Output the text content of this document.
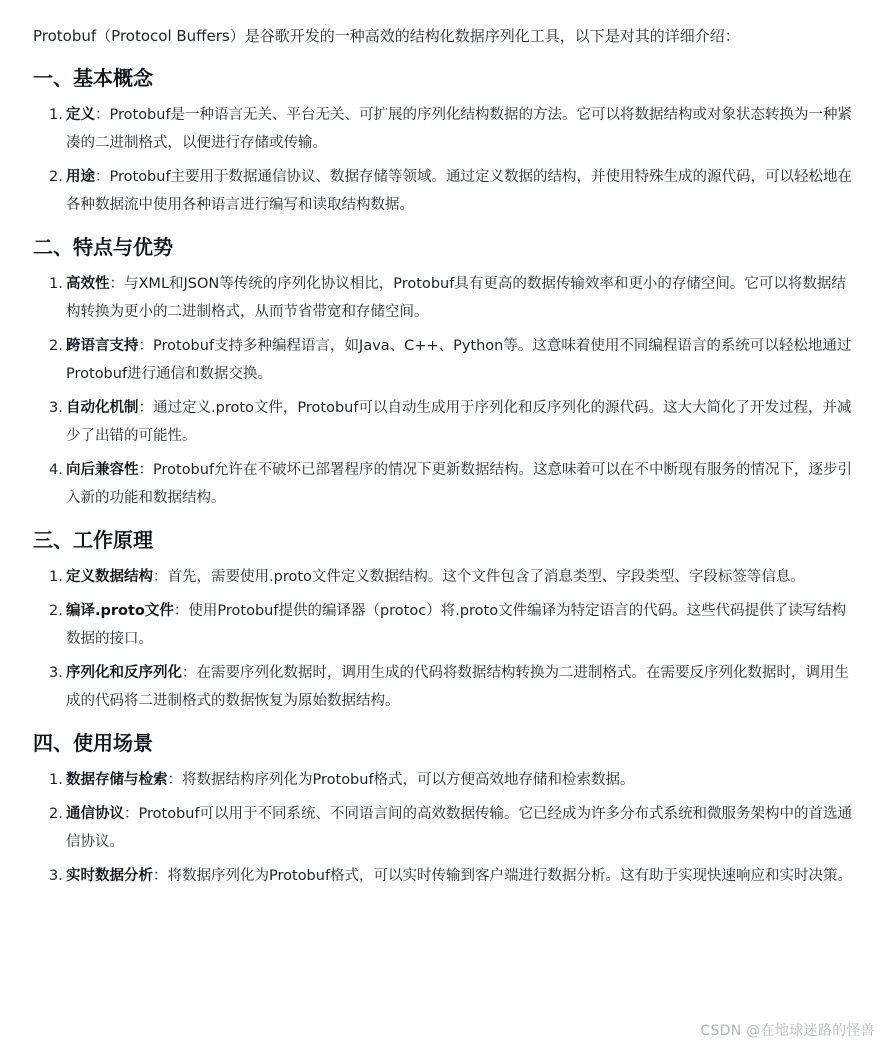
Protobuf（Protocol Buffers）是谷歌开发的一种高效的结构化数据序列化工具，以下是对其的详细介绍：

一、基本概念
1. 定义：Protobuf是一种语言无关、平台无关、可扩展的序列化结构数据的方法。它可以将数据结构或对象状态转换为一种紧凑的二进制格式，以便进行存储或传输。
2. 用途：Protobuf主要用于数据通信协议、数据存储等领域。通过定义数据的结构，并使用特殊生成的源代码，可以轻松地在各种数据流中使用各种语言进行编写和读取结构数据。
二、特点与优势
1. 高效性：与XML和JSON等传统的序列化协议相比，Protobuf具有更高的数据传输效率和更小的存储空间。它可以将数据结构转换为更小的二进制格式，从而节省带宽和存储空间。
2. 跨语言支持：Protobuf支持多种编程语言，如Java、C++、Python等。这意味着使用不同编程语言的系统可以轻松地通过Protobuf进行通信和数据交换。
3. 自动化机制：通过定义.proto文件，Protobuf可以自动生成用于序列化和反序列化的源代码。这大大简化了开发过程，并减少了出错的可能性。
4. 向后兼容性：Protobuf允许在不破坏已部署程序的情况下更新数据结构。这意味着可以在不中断现有服务的情况下，逐步引入新的功能和数据结构。
三、工作原理
1. 定义数据结构：首先，需要使用.proto文件定义数据结构。这个文件包含了消息类型、字段类型、字段标签等信息。
2. 编译.proto文件：使用Protobuf提供的编译器（protoc）将.proto文件编译为特定语言的代码。这些代码提供了读写结构数据的接口。
3. 序列化和反序列化：在需要序列化数据时，调用生成的代码将数据结构转换为二进制格式。在需要反序列化数据时，调用生成的代码将二进制格式的数据恢复为原始数据结构。
四、使用场景
1. 数据存储与检索：将数据结构序列化为Protobuf格式，可以方便高效地存储和检索数据。
2. 通信协议：Protobuf可以用于不同系统、不同语言间的高效数据传输。它已经成为许多分布式系统和微服务架构中的首选通信协议。
3. 实时数据分析：将数据序列化为Protobuf格式，可以实时传输到客户端进行数据分析。这有助于实现快速响应和实时决策。
CSDN @在地球迷路的怪兽
